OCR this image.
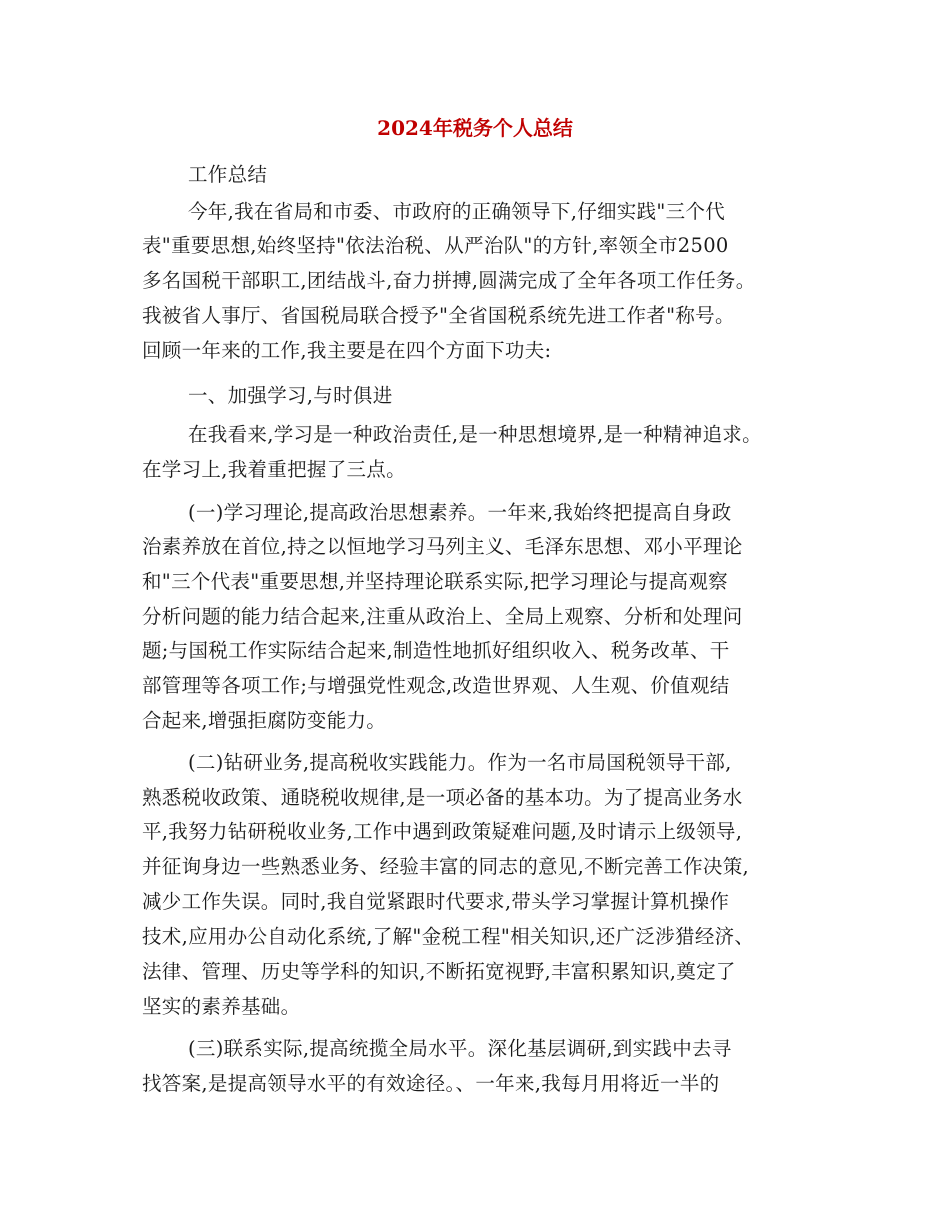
2024年税务个人总结
工作总结
今年,我在省局和市委、市政府的正确领导下,仔细实践"三个代
表"重要思想,始终坚持"依法治税、从严治队"的方针,率领全市2500
多名国税干部职工,团结战斗,奋力拼搏,圆满完成了全年各项工作任务。
我被省人事厅、省国税局联合授予"全省国税系统先进工作者"称号。
回顾一年来的工作,我主要是在四个方面下功夫:
一、加强学习,与时俱进
在我看来,学习是一种政治责任,是一种思想境界,是一种精神追求。
在学习上,我着重把握了三点。
(一)学习理论,提高政治思想素养。一年来,我始终把提高自身政
治素养放在首位,持之以恒地学习马列主义、毛泽东思想、邓小平理论
和"三个代表"重要思想,并坚持理论联系实际,把学习理论与提高观察
分析问题的能力结合起来,注重从政治上、全局上观察、分析和处理问
题;与国税工作实际结合起来,制造性地抓好组织收入、税务改革、干
部管理等各项工作;与增强党性观念,改造世界观、人生观、价值观结
合起来,增强拒腐防变能力。
(二)钻研业务,提高税收实践能力。作为一名市局国税领导干部,
熟悉税收政策、通晓税收规律,是一项必备的基本功。为了提高业务水
平,我努力钻研税收业务,工作中遇到政策疑难问题,及时请示上级领导,
并征询身边一些熟悉业务、经验丰富的同志的意见,不断完善工作决策,
减少工作失误。同时,我自觉紧跟时代要求,带头学习掌握计算机操作
技术,应用办公自动化系统,了解"金税工程"相关知识,还广泛涉猎经济、
法律、管理、历史等学科的知识,不断拓宽视野,丰富积累知识,奠定了
坚实的素养基础。
(三)联系实际,提高统揽全局水平。深化基层调研,到实践中去寻
找答案,是提高领导水平的有效途径。、一年来,我每月用将近一半的
